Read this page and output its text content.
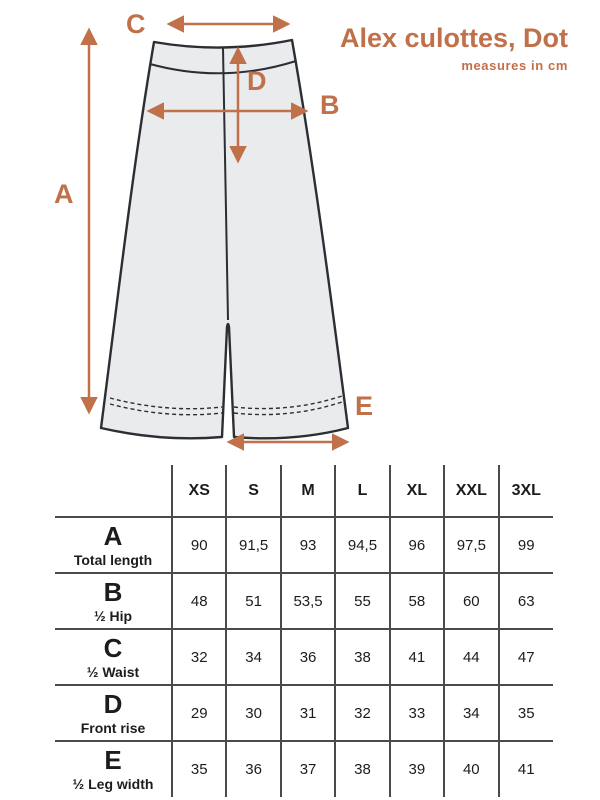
C
A
D
B
E
Alex culottes, Dot
measures in cm
	XS	S	M	L	XL	XXL	3XL

A
Total length	90	91,5	93	94,5	96	97,5	99

B
½ Hip	48	51	53,5	55	58	60	63

C
½ Waist	32	34	36	38	41	44	47

D
Front rise	29	30	31	32	33	34	35

E
½ Leg width	35	36	37	38	39	40	41
